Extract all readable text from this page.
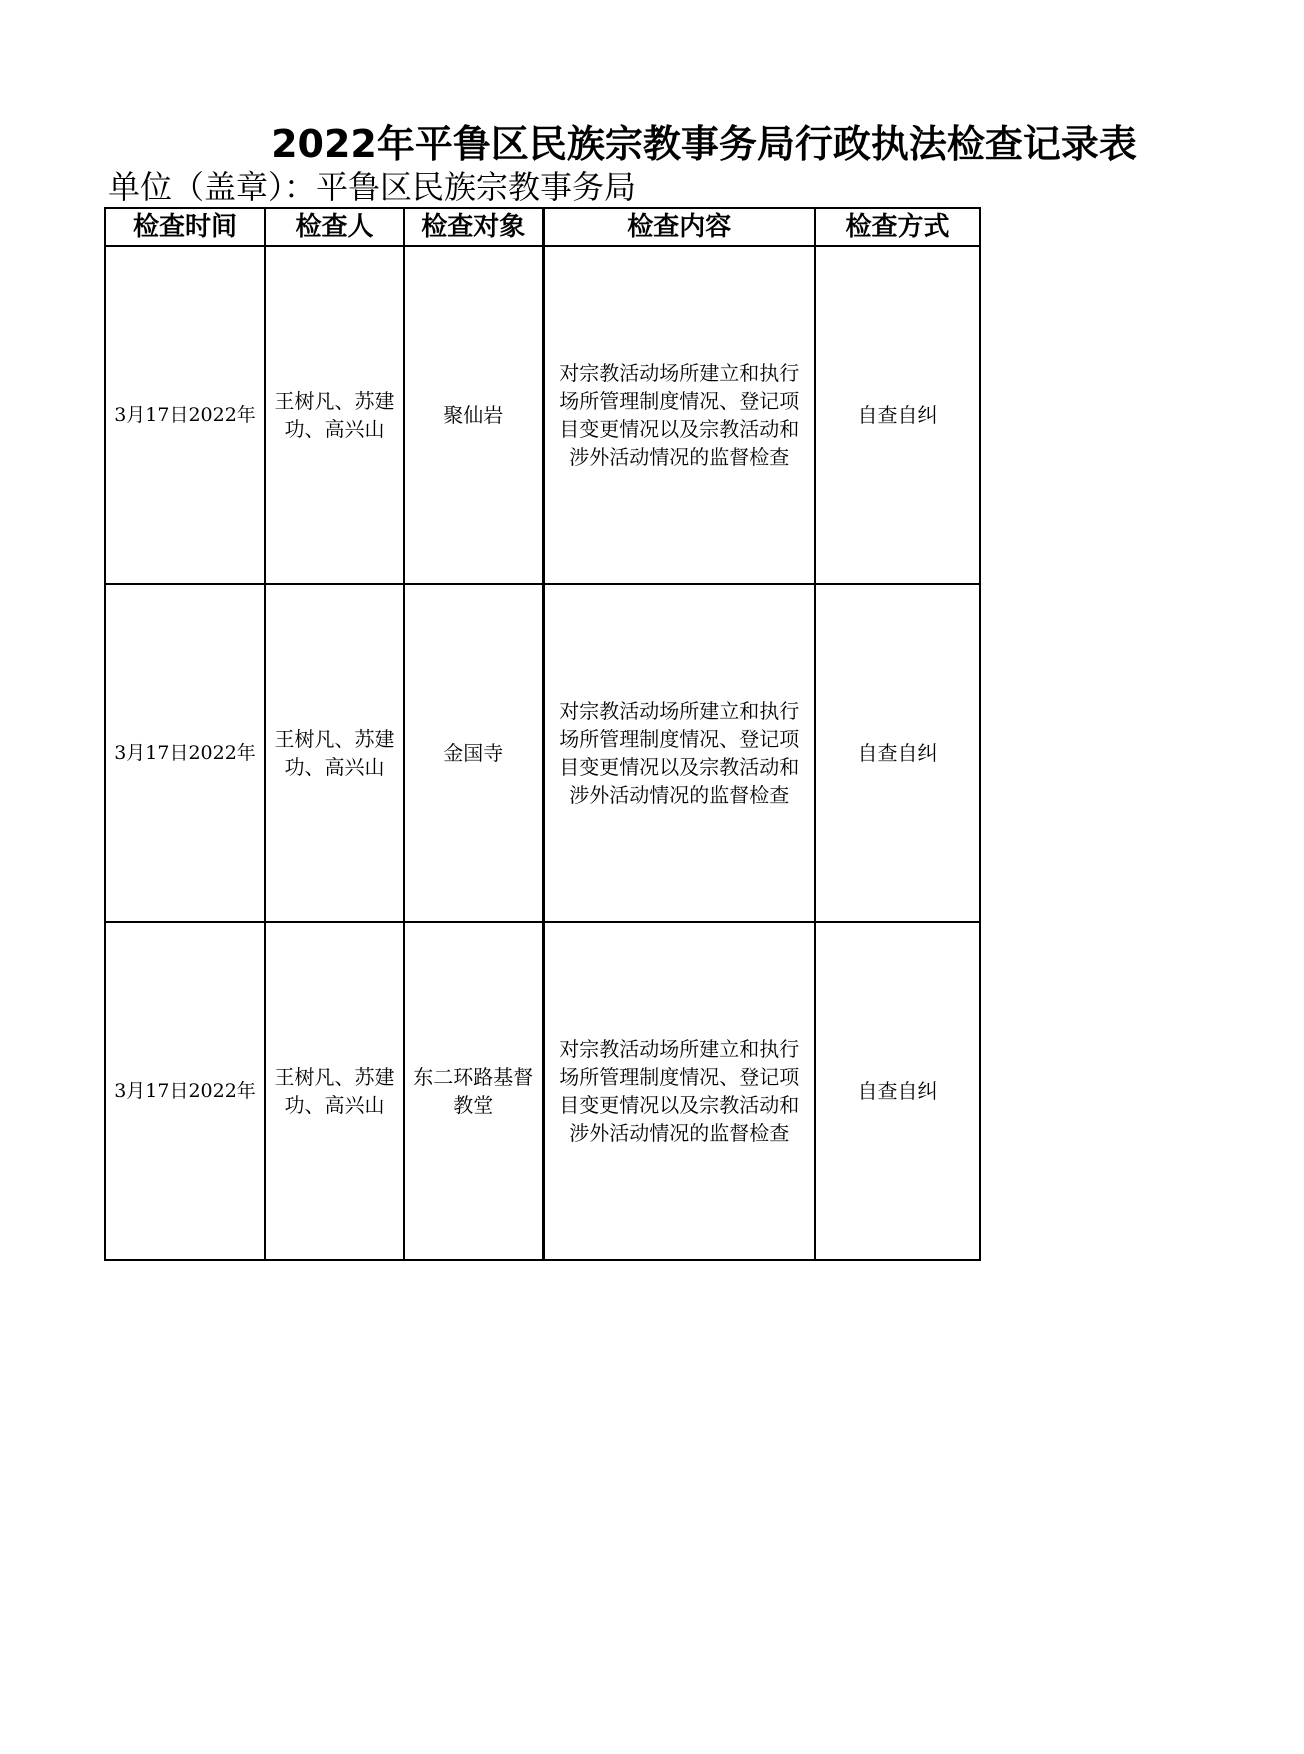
2022年平鲁区民族宗教事务局行政执法检查记录表
单位（盖章）：平鲁区民族宗教事务局
检查时间	检查人	检查对象	检查内容	检查方式
3月17日2022年	王树凡、苏建功、高兴山	聚仙岩	对宗教活动场所建立和执行场所管理制度情况、登记项目变更情况以及宗教活动和涉外活动情况的监督检查	自查自纠
3月17日2022年	王树凡、苏建功、高兴山	金国寺	对宗教活动场所建立和执行场所管理制度情况、登记项目变更情况以及宗教活动和涉外活动情况的监督检查	自查自纠
3月17日2022年	王树凡、苏建功、高兴山	东二环路基督教堂	对宗教活动场所建立和执行场所管理制度情况、登记项目变更情况以及宗教活动和涉外活动情况的监督检查	自查自纠
